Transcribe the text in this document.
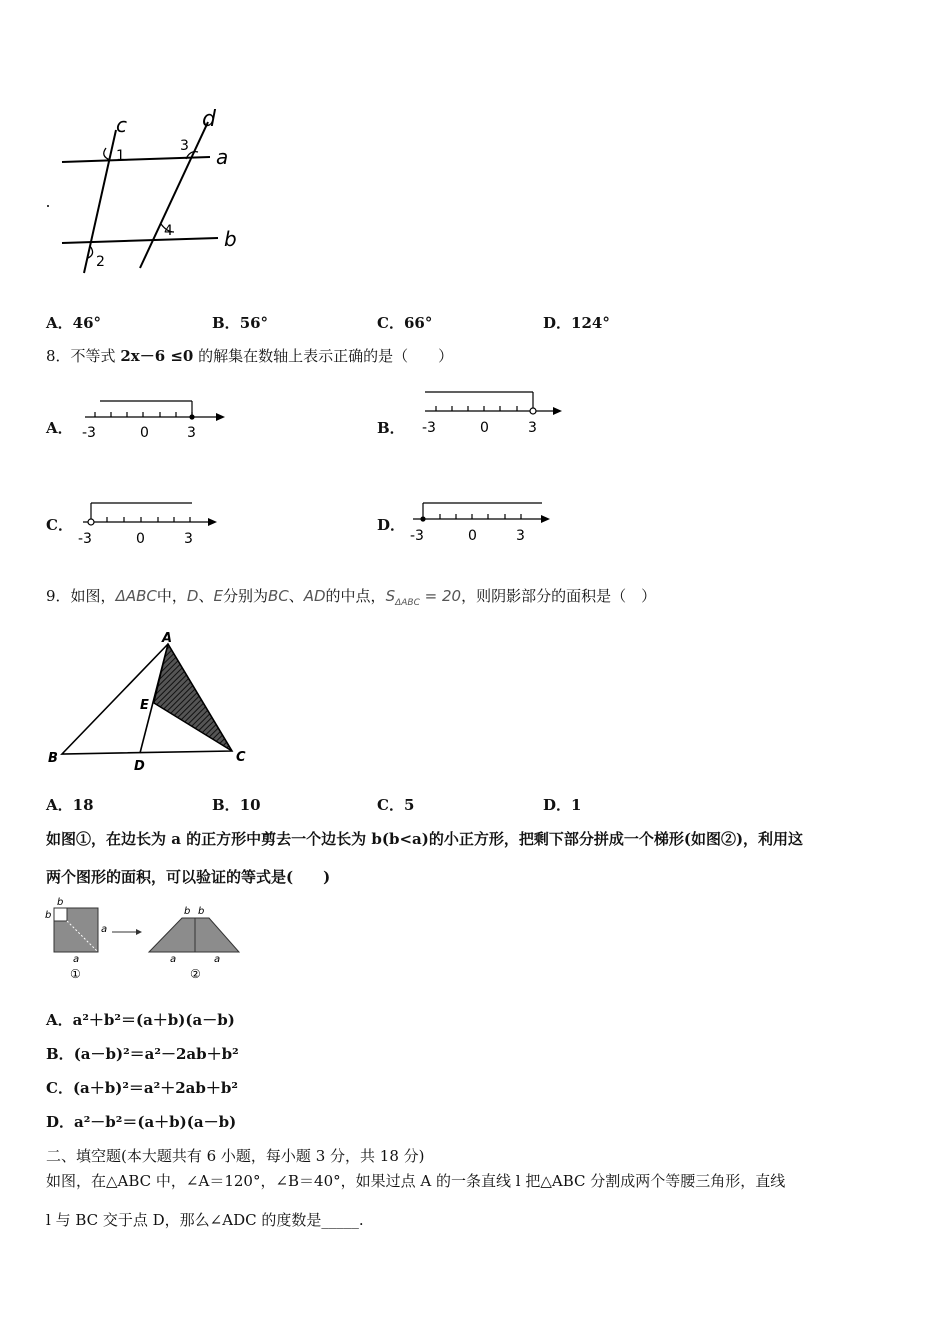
c	d
a
b
1
3
4
2
A．46°	B．56°	C．66°	D．124°
8．不等式 2x－6 ≤0 的解集在数轴上表示正确的是（　　）
A． -3	0	3	B． -3	0	3
C．
-3	0	3
D．
-3	0	3
9．如图，ΔABC中，D、E分别为BC、AD的中点，$S_{\Delta ABC} = 20$，则阴影部分的面积是（　）
A
B	C
D
E
A．18	B．10	C．5	D．1
如图①，在边长为 a 的正方形中剪去一个边长为 b(b<a)的小正方形，把剩下部分拼成一个梯形(如图②)，利用这
两个图形的面积，可以验证的等式是(　　)
b
b
a
a
①
b b
a	a
②
A．a²＋b²＝(a＋b)(a－b)
B．(a－b)²＝a²－2ab＋b²
C．(a＋b)²＝a²＋2ab＋b²
D．a²－b²＝(a＋b)(a－b)
二、填空题(本大题共有 6 小题，每小题 3 分，共 18 分)
如图，在△ABC 中，∠A＝120°，∠B＝40°，如果过点 A 的一条直线 l 把△ABC 分割成两个等腰三角形，直线
l 与 BC 交于点 D，那么∠ADC 的度数是_____.
